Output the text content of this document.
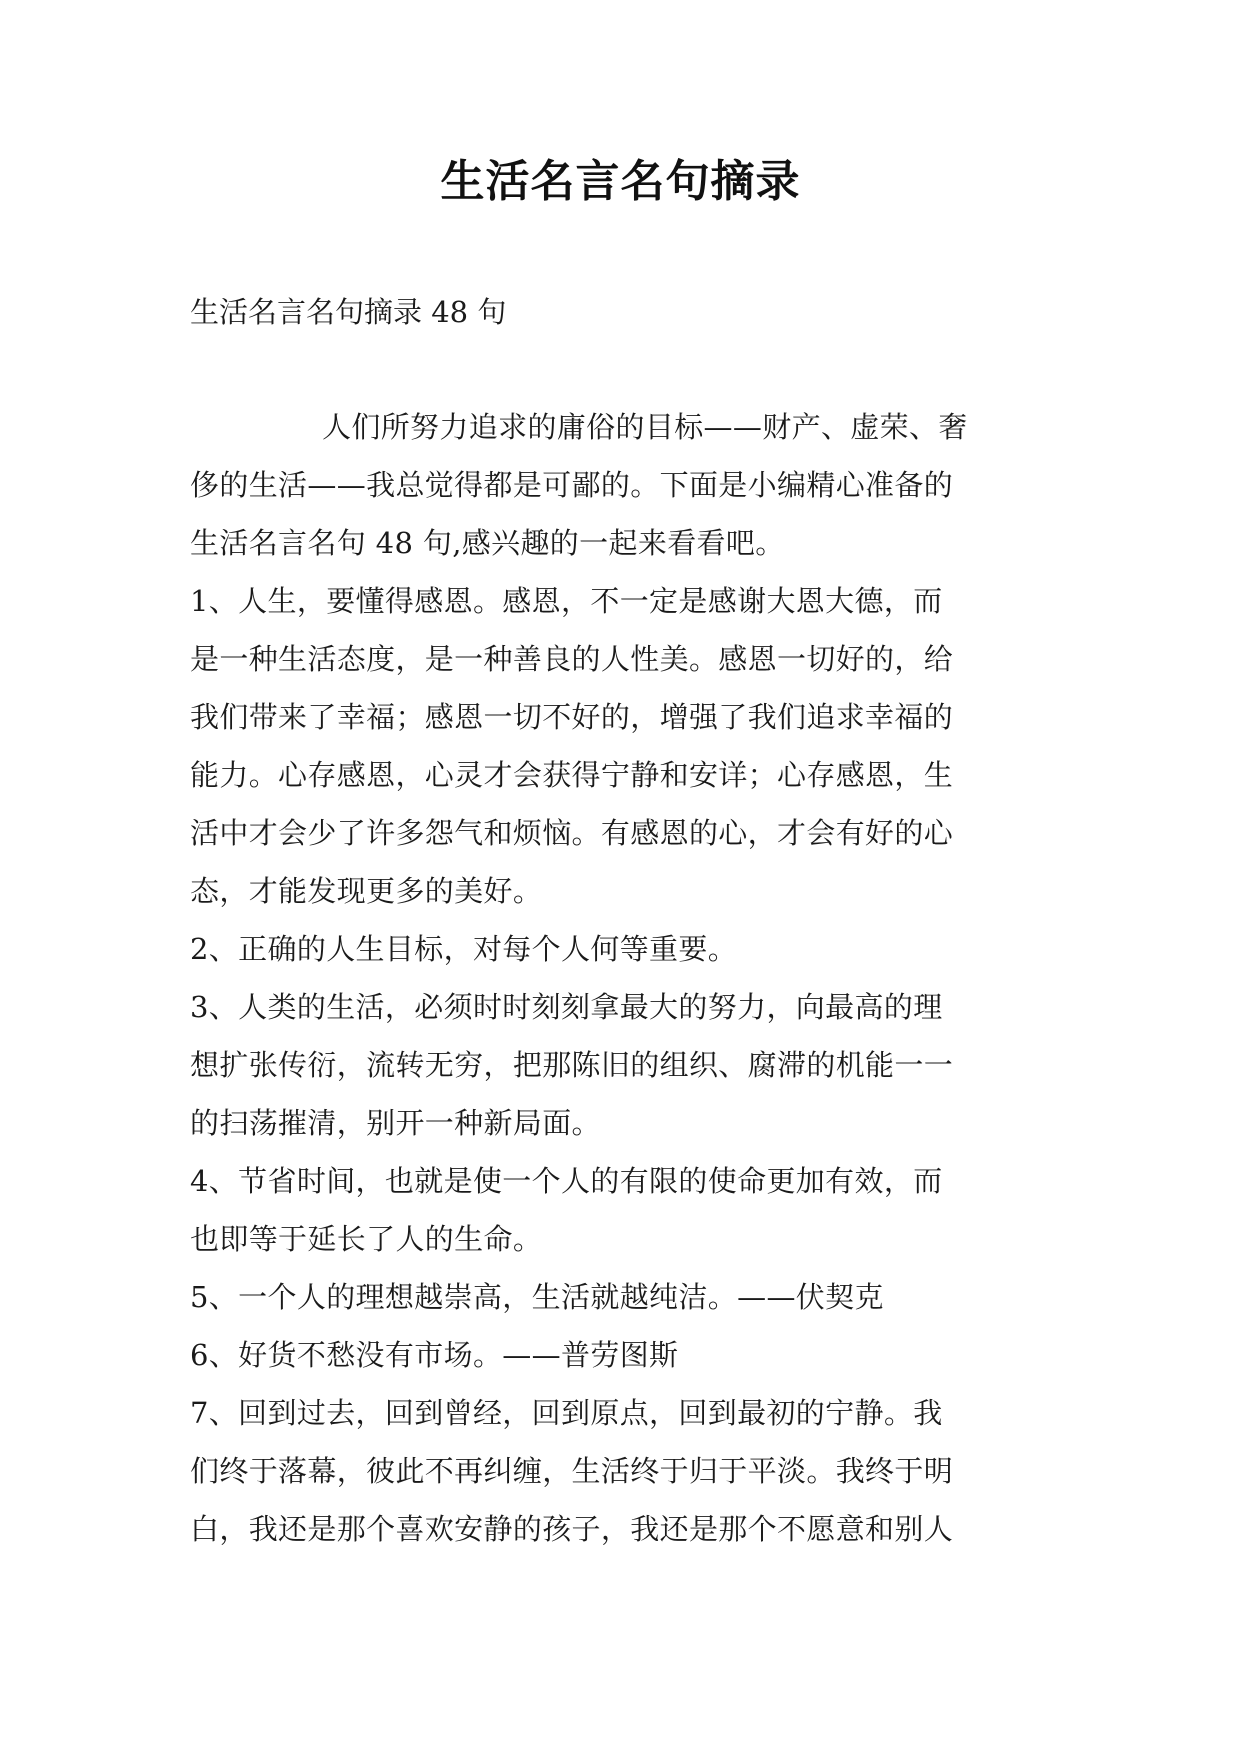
生活名言名句摘录
生活名言名句摘录 48 句
人们所努力追求的庸俗的目标——财产、虚荣、奢
侈的生活——我总觉得都是可鄙的。下面是小编精心准备的
生活名言名句 48 句,感兴趣的一起来看看吧。
1、人生，要懂得感恩。感恩，不一定是感谢大恩大德，而
是一种生活态度，是一种善良的人性美。感恩一切好的，给
我们带来了幸福；感恩一切不好的，增强了我们追求幸福的
能力。心存感恩，心灵才会获得宁静和安详；心存感恩，生
活中才会少了许多怨气和烦恼。有感恩的心，才会有好的心
态，才能发现更多的美好。
2、正确的人生目标，对每个人何等重要。
3、人类的生活，必须时时刻刻拿最大的努力，向最高的理
想扩张传衍，流转无穷，把那陈旧的组织、腐滞的机能一一
的扫荡摧清，别开一种新局面。
4、节省时间，也就是使一个人的有限的使命更加有效，而
也即等于延长了人的生命。
5、一个人的理想越崇高，生活就越纯洁。——伏契克
6、好货不愁没有市场。——普劳图斯
7、回到过去，回到曾经，回到原点，回到最初的宁静。我
们终于落幕，彼此不再纠缠，生活终于归于平淡。我终于明
白，我还是那个喜欢安静的孩子，我还是那个不愿意和别人
